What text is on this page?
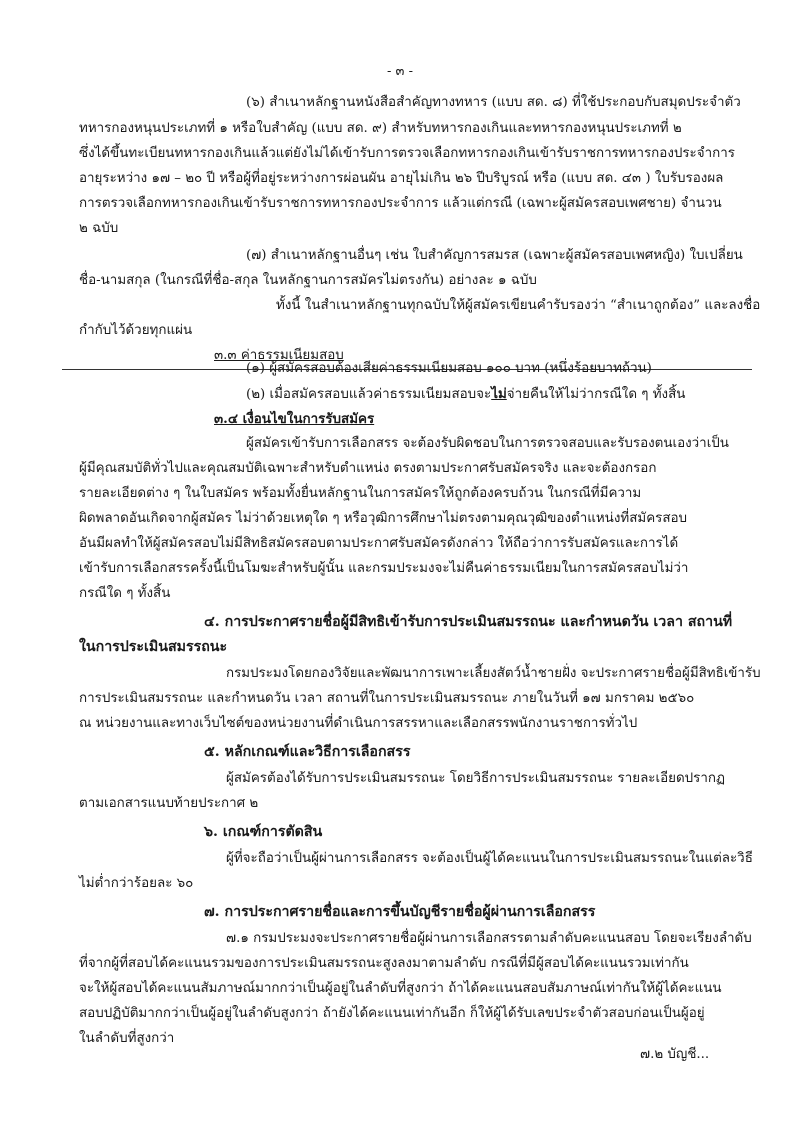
- ๓ -
(๖) สำเนาหลักฐานหนังสือสำคัญทางทหาร (แบบ สด. ๘) ที่ใช้ประกอบกับสมุดประจำตัว
ทหารกองหนุนประเภทที่ ๑ หรือใบสำคัญ (แบบ สด. ๙) สำหรับทหารกองเกินและทหารกองหนุนประเภทที่ ๒
ซึ่งได้ขึ้นทะเบียนทหารกองเกินแล้วแต่ยังไม่ได้เข้ารับการตรวจเลือกทหารกองเกินเข้ารับราชการทหารกองประจำการ
อายุระหว่าง ๑๗ – ๒๐ ปี หรือผู้ที่อยู่ระหว่างการผ่อนผัน อายุไม่เกิน ๒๖ ปีบริบูรณ์ หรือ (แบบ สด. ๔๓ ) ใบรับรองผล
การตรวจเลือกทหารกองเกินเข้ารับราชการทหารกองประจำการ แล้วแต่กรณี (เฉพาะผู้สมัครสอบเพศชาย) จำนวน
๒ ฉบับ
(๗) สำเนาหลักฐานอื่นๆ เช่น ใบสำคัญการสมรส (เฉพาะผู้สมัครสอบเพศหญิง) ใบเปลี่ยน
ชื่อ-นามสกุล (ในกรณีที่ชื่อ-สกุล ในหลักฐานการสมัครไม่ตรงกัน) อย่างละ ๑ ฉบับ
ทั้งนี้ ในสำเนาหลักฐานทุกฉบับให้ผู้สมัครเขียนคำรับรองว่า “สำเนาถูกต้อง” และลงชื่อ
กำกับไว้ด้วยทุกแผ่น
๓.๓ ค่าธรรมเนียมสอบ
(๑) ผู้สมัครสอบต้องเสียค่าธรรมเนียมสอบ ๑๐๐ บาท (หนึ่งร้อยบาทถ้วน)
(๒) เมื่อสมัครสอบแล้วค่าธรรมเนียมสอบจะไม่จ่ายคืนให้ไม่ว่ากรณีใด ๆ ทั้งสิ้น
๓.๔ เงื่อนไขในการรับสมัคร
ผู้สมัครเข้ารับการเลือกสรร จะต้องรับผิดชอบในการตรวจสอบและรับรองตนเองว่าเป็น
ผู้มีคุณสมบัติทั่วไปและคุณสมบัติเฉพาะสำหรับตำแหน่ง ตรงตามประกาศรับสมัครจริง และจะต้องกรอก
รายละเอียดต่าง ๆ ในใบสมัคร พร้อมทั้งยื่นหลักฐานในการสมัครให้ถูกต้องครบถ้วน ในกรณีที่มีความ
ผิดพลาดอันเกิดจากผู้สมัคร ไม่ว่าด้วยเหตุใด ๆ หรือวุฒิการศึกษาไม่ตรงตามคุณวุฒิของตำแหน่งที่สมัครสอบ
อันมีผลทำให้ผู้สมัครสอบไม่มีสิทธิสมัครสอบตามประกาศรับสมัครดังกล่าว ให้ถือว่าการรับสมัครและการได้
เข้ารับการเลือกสรรครั้งนี้เป็นโมฆะสำหรับผู้นั้น และกรมประมงจะไม่คืนค่าธรรมเนียมในการสมัครสอบไม่ว่า
กรณีใด ๆ ทั้งสิ้น
๔. การประกาศรายชื่อผู้มีสิทธิเข้ารับการประเมินสมรรถนะ และกำหนดวัน เวลา สถานที่
ในการประเมินสมรรถนะ
กรมประมงโดยกองวิจัยและพัฒนาการเพาะเลี้ยงสัตว์น้ำชายฝั่ง จะประกาศรายชื่อผู้มีสิทธิเข้ารับ
การประเมินสมรรถนะ และกำหนดวัน เวลา สถานที่ในการประเมินสมรรถนะ ภายในวันที่ ๑๗ มกราคม ๒๕๖๐
ณ หน่วยงานและทางเว็บไซต์ของหน่วยงานที่ดำเนินการสรรหาและเลือกสรรพนักงานราชการทั่วไป
๕. หลักเกณฑ์และวิธีการเลือกสรร
ผู้สมัครต้องได้รับการประเมินสมรรถนะ โดยวิธีการประเมินสมรรถนะ รายละเอียดปรากฏ
ตามเอกสารแนบท้ายประกาศ ๒
๖. เกณฑ์การตัดสิน
ผู้ที่จะถือว่าเป็นผู้ผ่านการเลือกสรร จะต้องเป็นผู้ได้คะแนนในการประเมินสมรรถนะในแต่ละวิธี
ไม่ต่ำกว่าร้อยละ ๖๐
๗. การประกาศรายชื่อและการขึ้นบัญชีรายชื่อผู้ผ่านการเลือกสรร
๗.๑ กรมประมงจะประกาศรายชื่อผู้ผ่านการเลือกสรรตามลำดับคะแนนสอบ โดยจะเรียงลำดับ
ที่จากผู้ที่สอบได้คะแนนรวมของการประเมินสมรรถนะสูงลงมาตามลำดับ กรณีที่มีผู้สอบได้คะแนนรวมเท่ากัน
จะให้ผู้สอบได้คะแนนสัมภาษณ์มากกว่าเป็นผู้อยู่ในลำดับที่สูงกว่า ถ้าได้คะแนนสอบสัมภาษณ์เท่ากันให้ผู้ได้คะแนน
สอบปฏิบัติมากกว่าเป็นผู้อยู่ในลำดับสูงกว่า ถ้ายังได้คะแนนเท่ากันอีก ก็ให้ผู้ได้รับเลขประจำตัวสอบก่อนเป็นผู้อยู่
ในลำดับที่สูงกว่า
๗.๒ บัญชี...
